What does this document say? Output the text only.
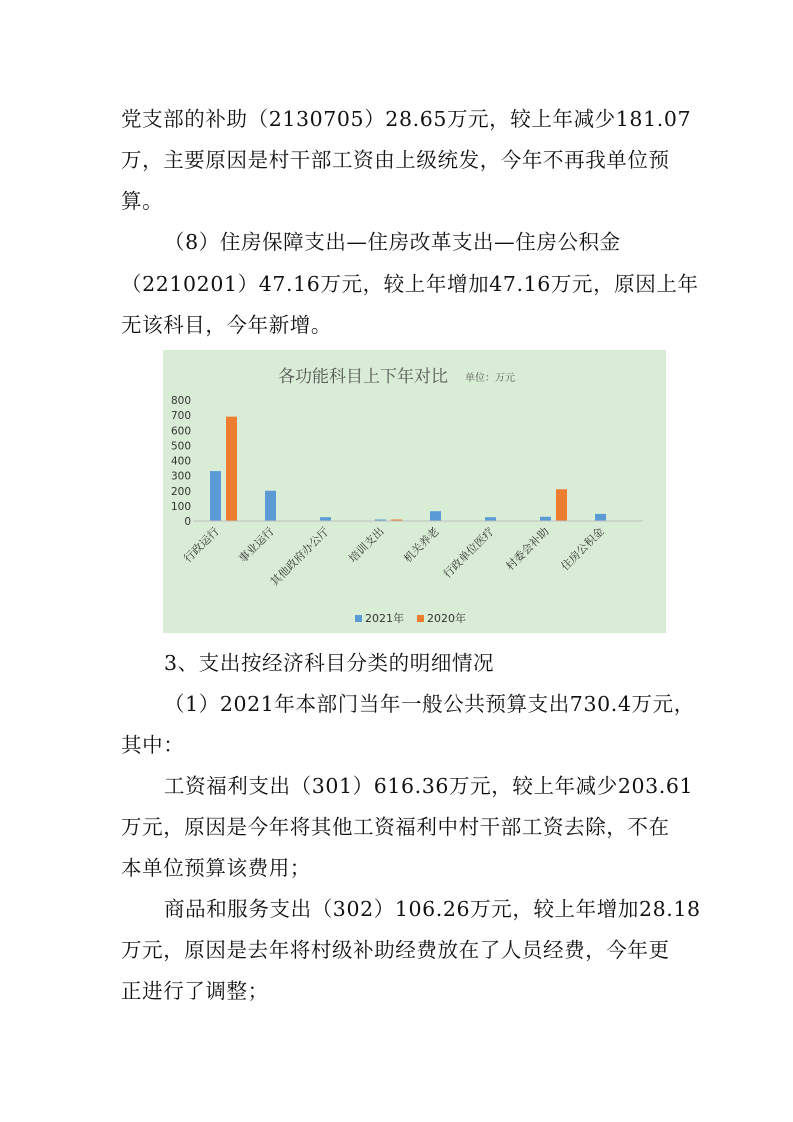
党支部的补助（2130705）28.65万元，较上年减少181.07
万，主要原因是村干部工资由上级统发，今年不再我单位预
算。
（8）住房保障支出—住房改革支出—住房公积金
（2210201）47.16万元，较上年增加47.16万元，原因上年
无该科目，今年新增。
各功能科目上下年对比 单位：万元
0
100
200
300
400
500
600
700
800
行政运行 事业运行
其他政府办公厅 培训支出 机关养老 行政单位医疗 村委会补助 住房公积金
2021年 2020年
3、支出按经济科目分类的明细情况
（1）2021年本部门当年一般公共预算支出730.4万元，
其中：
工资福利支出（301）616.36万元，较上年减少203.61
万元，原因是今年将其他工资福利中村干部工资去除，不在
本单位预算该费用；
商品和服务支出（302）106.26万元，较上年增加28.18
万元，原因是去年将村级补助经费放在了人员经费，今年更
正进行了调整；
